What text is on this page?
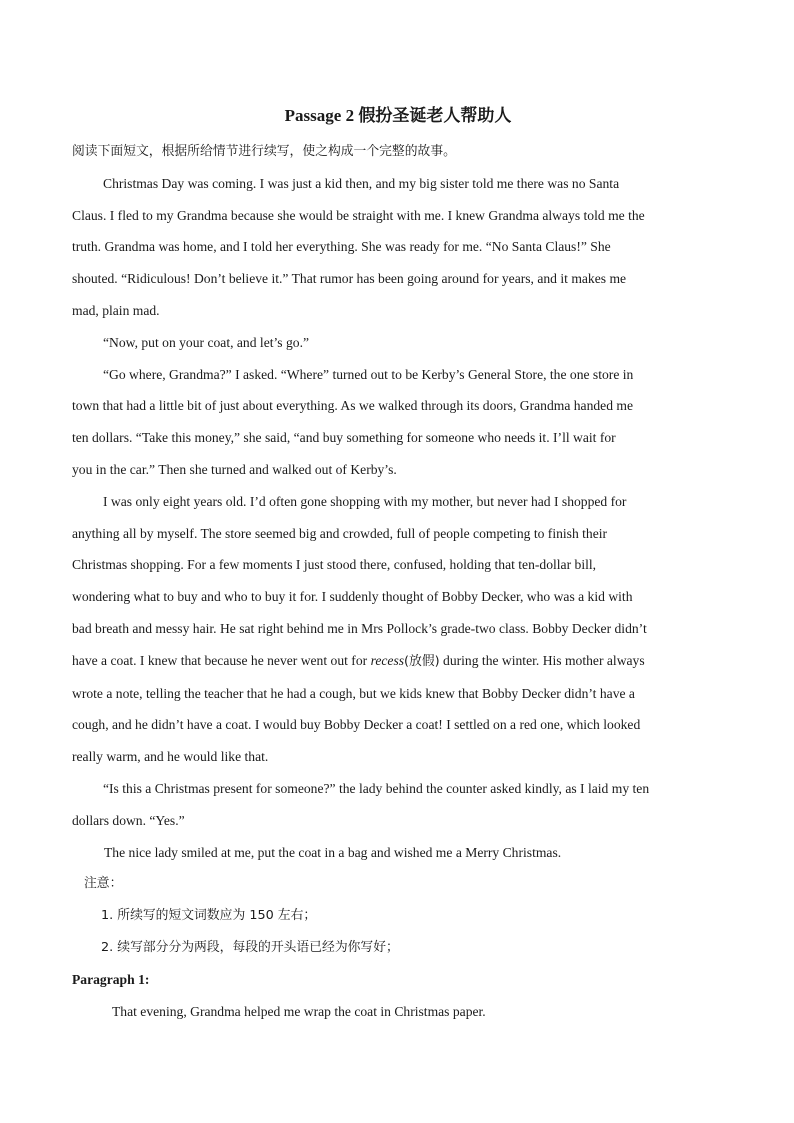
Passage 2 假扮圣诞老人帮助人

阅读下面短文，根据所给情节进行续写，使之构成一个完整的故事。

Christmas Day was coming. I was just a kid then, and my big sister told me there was no Santa

Claus. I fled to my Grandma because she would be straight with me. I knew Grandma always told me the

truth. Grandma was home, and I told her everything. She was ready for me. “No Santa Claus!” She

shouted. “Ridiculous! Don’t believe it.” That rumor has been going around for years, and it makes me

mad, plain mad.

“Now, put on your coat, and let’s go.”

“Go where, Grandma?” I asked. “Where” turned out to be Kerby’s General Store, the one store in

town that had a little bit of just about everything. As we walked through its doors, Grandma handed me

ten dollars. “Take this money,” she said, “and buy something for someone who needs it. I’ll wait for

you in the car.” Then she turned and walked out of Kerby’s.

I was only eight years old. I’d often gone shopping with my mother, but never had I shopped for

anything all by myself. The store seemed big and crowded, full of people competing to finish their

Christmas shopping. For a few moments I just stood there, confused, holding that ten-dollar bill,

wondering what to buy and who to buy it for. I suddenly thought of Bobby Decker, who was a kid with

bad breath and messy hair. He sat right behind me in Mrs Pollock’s grade-two class. Bobby Decker didn’t

have a coat. I knew that because he never went out for recess(放假) during the winter. His mother always

wrote a note, telling the teacher that he had a cough, but we kids knew that Bobby Decker didn’t have a

cough, and he didn’t have a coat. I would buy Bobby Decker a coat! I settled on a red one, which looked

really warm, and he would like that.

“Is this a Christmas present for someone?” the lady behind the counter asked kindly, as I laid my ten

dollars down. “Yes.”

The nice lady smiled at me, put the coat in a bag and wished me a Merry Christmas.

注意：

1. 所续写的短文词数应为 150 左右；

2. 续写部分分为两段，每段的开头语已经为你写好；

Paragraph 1:

That evening, Grandma helped me wrap the coat in Christmas paper.
